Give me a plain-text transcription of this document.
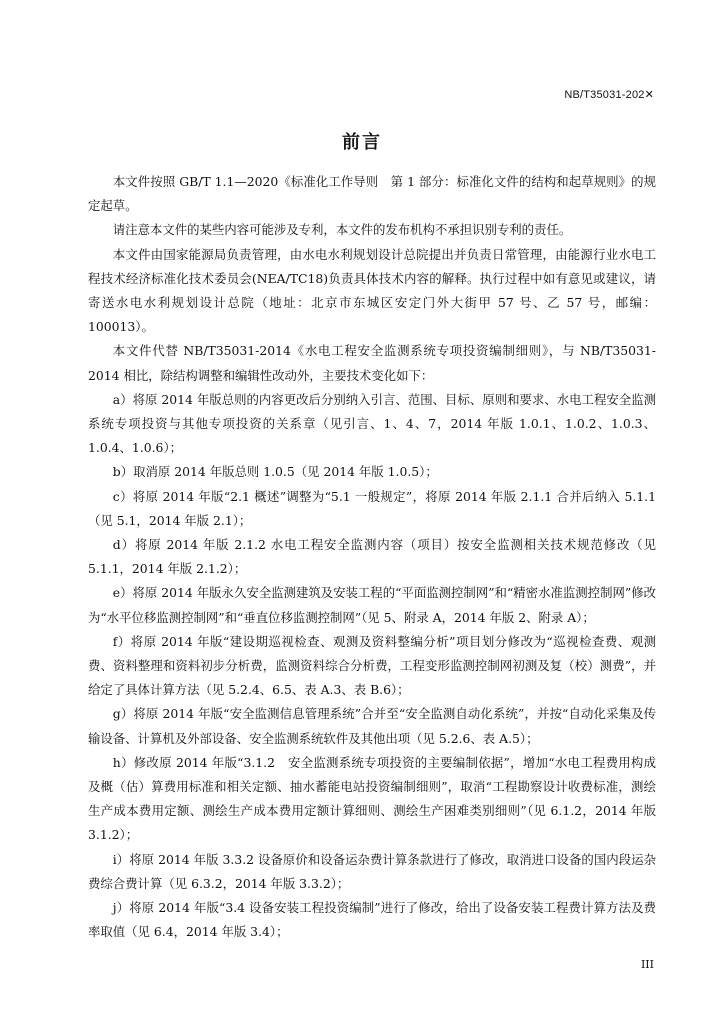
NB/T35031-202✕
前言

本文件按照 GB/T 1.1—2020《标准化工作导则　第 1 部分：标准化文件的结构和起草规则》的规定起草。

请注意本文件的某些内容可能涉及专利，本文件的发布机构不承担识别专利的责任。

本文件由国家能源局负责管理，由水电水利规划设计总院提出并负责日常管理，由能源行业水电工程技术经济标准化技术委员会(NEA/TC18)负责具体技术内容的解释。执行过程中如有意见或建议，请寄送水电水利规划设计总院（地址：北京市东城区安定门外大街甲 57 号、乙 57 号，邮编：100013）。

本文件代替 NB/T35031-2014《水电工程安全监测系统专项投资编制细则》，与 NB/T35031-2014 相比，除结构调整和编辑性改动外，主要技术变化如下：

a）将原 2014 年版总则的内容更改后分别纳入引言、范围、目标、原则和要求、水电工程安全监测系统专项投资与其他专项投资的关系章（见引言、1、4、7，2014 年版 1.0.1、1.0.2、1.0.3、1.0.4、1.0.6）；

b）取消原 2014 年版总则 1.0.5（见 2014 年版 1.0.5）；

c）将原 2014 年版“2.1 概述”调整为“5.1 一般规定”，将原 2014 年版 2.1.1 合并后纳入 5.1.1（见 5.1，2014 年版 2.1）；

d）将原 2014 年版 2.1.2 水电工程安全监测内容（项目）按安全监测相关技术规范修改（见 5.1.1，2014 年版 2.1.2）；

e）将原 2014 年版永久安全监测建筑及安装工程的“平面监测控制网”和“精密水准监测控制网”修改为“水平位移监测控制网”和“垂直位移监测控制网”（见 5、附录 A，2014 年版 2、附录 A）；

f）将原 2014 年版“建设期巡视检查、观测及资料整编分析”项目划分修改为“巡视检查费、观测费、资料整理和资料初步分析费，监测资料综合分析费，工程变形监测控制网初测及复（校）测费”，并给定了具体计算方法（见 5.2.4、6.5、表 A.3、表 B.6）；

g）将原 2014 年版“安全监测信息管理系统”合并至“安全监测自动化系统”，并按“自动化采集及传输设备、计算机及外部设备、安全监测系统软件及其他出项（见 5.2.6、表 A.5）；

h）修改原 2014 年版“3.1.2　安全监测系统专项投资的主要编制依据”，增加“水电工程费用构成及概（估）算费用标准和相关定额、抽水蓄能电站投资编制细则”，取消“工程勘察设计收费标准，测绘生产成本费用定额、测绘生产成本费用定额计算细则、测绘生产困难类别细则”（见 6.1.2，2014 年版 3.1.2）；

i）将原 2014 年版 3.3.2 设备原价和设备运杂费计算条款进行了修改，取消进口设备的国内段运杂费综合费计算（见 6.3.2，2014 年版 3.3.2）；

j）将原 2014 年版“3.4 设备安装工程投资编制”进行了修改，给出了设备安装工程费计算方法及费率取值（见 6.4，2014 年版 3.4）；

III
